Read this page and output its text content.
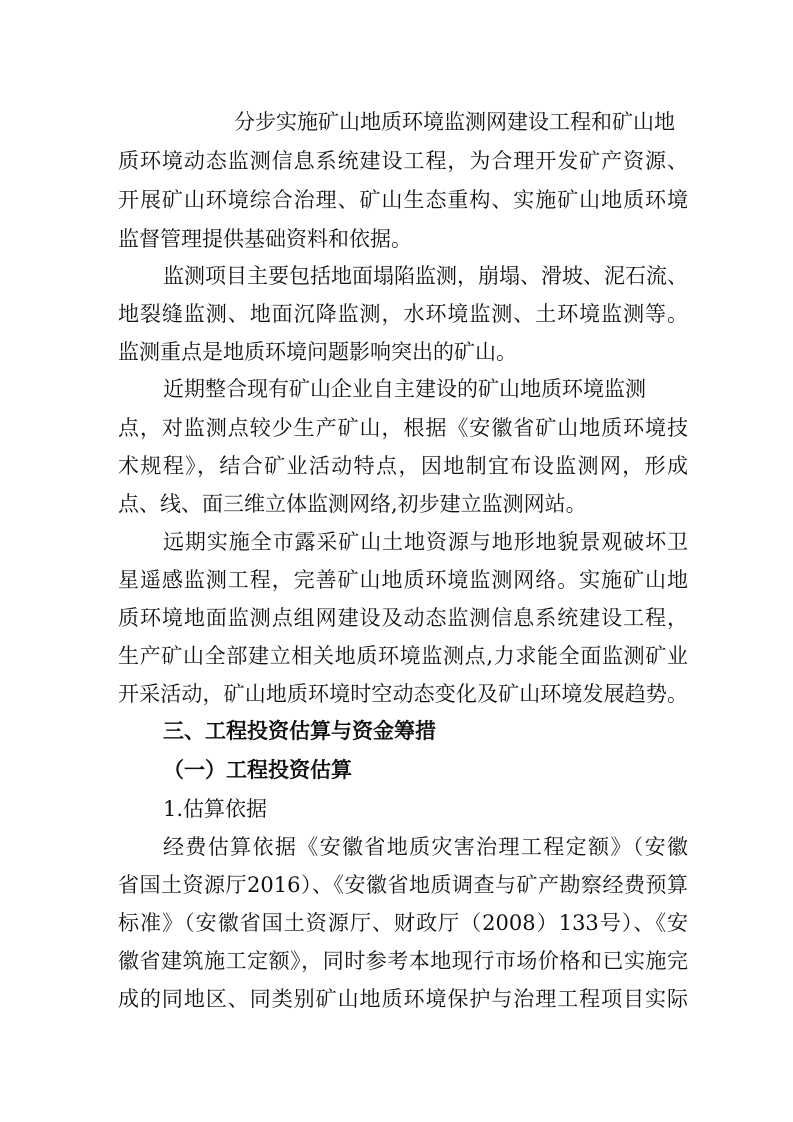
分步实施矿山地质环境监测网建设工程和矿山地
质环境动态监测信息系统建设工程，为合理开发矿产资源、
开展矿山环境综合治理、矿山生态重构、实施矿山地质环境
监督管理提供基础资料和依据。
监测项目主要包括地面塌陷监测，崩塌、滑坡、泥石流、
地裂缝监测、地面沉降监测，水环境监测、土环境监测等。
监测重点是地质环境问题影响突出的矿山。
近期整合现有矿山企业自主建设的矿山地质环境监测
点，对监测点较少生产矿山，根据《安徽省矿山地质环境技
术规程》，结合矿业活动特点，因地制宜布设监测网，形成
点、线、面三维立体监测网络,初步建立监测网站。
远期实施全市露采矿山土地资源与地形地貌景观破坏卫
星遥感监测工程，完善矿山地质环境监测网络。实施矿山地
质环境地面监测点组网建设及动态监测信息系统建设工程，
生产矿山全部建立相关地质环境监测点,力求能全面监测矿业
开采活动，矿山地质环境时空动态变化及矿山环境发展趋势。
三、工程投资估算与资金筹措
（一）工程投资估算
1.估算依据
经费估算依据《安徽省地质灾害治理工程定额》（安徽
省国土资源厅2016）、《安徽省地质调查与矿产勘察经费预算
标准》（安徽省国土资源厅、财政厅（2008）133号）、《安
徽省建筑施工定额》，同时参考本地现行市场价格和已实施完
成的同地区、同类别矿山地质环境保护与治理工程项目实际
